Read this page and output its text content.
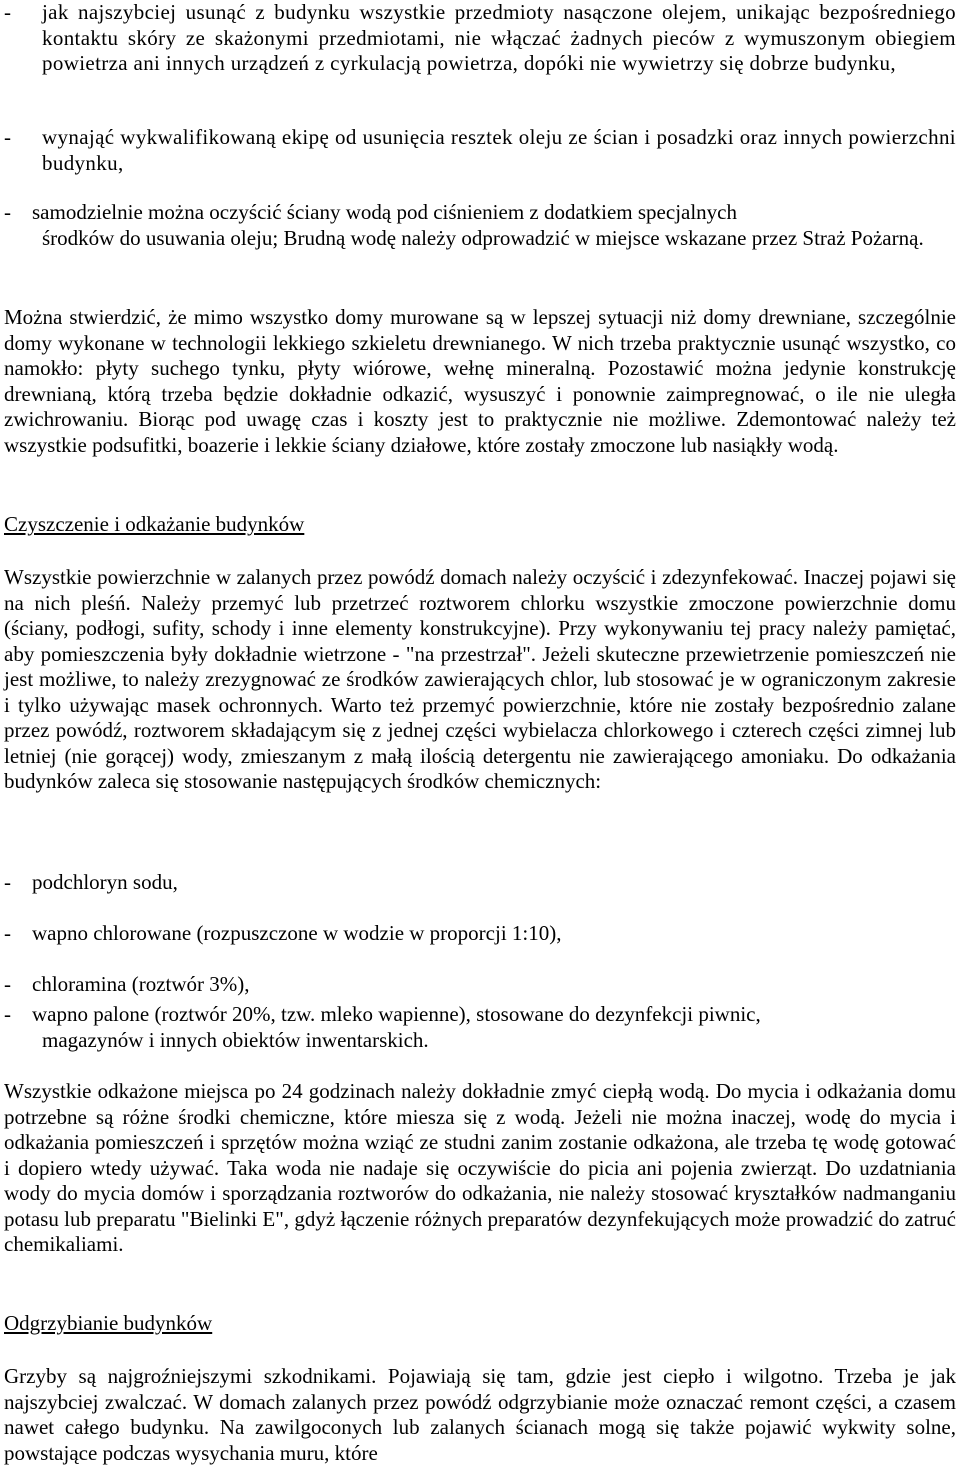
-	jak najszybciej usunąć z budynku wszystkie przedmioty nasączone olejem, unikając bezpośredniego kontaktu skóry ze skażonymi przedmiotami, nie włączać żadnych pieców z wymuszonym obiegiem powietrza ani innych urządzeń z cyrkulacją powietrza, dopóki nie wywietrzy się dobrze budynku,
-	wynająć wykwalifikowaną ekipę od usunięcia resztek oleju ze ścian i posadzki oraz innych powierzchni budynku,
-	samodzielnie można oczyścić ściany wodą pod ciśnieniem z dodatkiem specjalnych
środków do usuwania oleju; Brudną wodę należy odprowadzić w miejsce wskazane przez Straż Pożarną.
Można stwierdzić, że mimo wszystko domy murowane są w lepszej sytuacji niż domy drewniane, szczególnie domy wykonane w technologii lekkiego szkieletu drewnianego. W nich trzeba praktycznie usunąć wszystko, co namokło: płyty suchego tynku, płyty wiórowe, wełnę mineralną. Pozostawić można jedynie konstrukcję drewnianą, którą trzeba będzie dokładnie odkazić, wysuszyć i ponownie zaimpregnować, o ile nie uległa zwichrowaniu. Biorąc pod uwagę czas i koszty jest to praktycznie nie możliwe. Zdemontować należy też wszystkie podsufitki, boazerie i lekkie ściany działowe, które zostały zmoczone lub nasiąkły wodą.
Czyszczenie i odkażanie budynków
Wszystkie powierzchnie w zalanych przez powódź domach należy oczyścić i zdezynfekować. Inaczej pojawi się na nich pleśń. Należy przemyć lub przetrzeć roztworem chlorku wszystkie zmoczone powierzchnie domu (ściany, podłogi, sufity, schody i inne elementy konstrukcyjne). Przy wykonywaniu tej pracy należy pamiętać, aby pomieszczenia były dokładnie wietrzone - "na przestrzał". Jeżeli skuteczne przewietrzenie pomieszczeń nie jest możliwe, to należy zrezygnować ze środków zawierających chlor, lub stosować je w ograniczonym zakresie i tylko używając masek ochronnych. Warto też przemyć powierzchnie, które nie zostały bezpośrednio zalane przez powódź, roztworem składającym się z jednej części wybielacza chlorkowego i czterech części zimnej lub letniej (nie gorącej) wody, zmieszanym z małą ilością detergentu nie zawierającego amoniaku. Do odkażania budynków zaleca się stosowanie następujących środków chemicznych:
-	podchloryn sodu,
-	wapno chlorowane (rozpuszczone w wodzie w proporcji 1:10),
-	chloramina (roztwór 3%),
-	wapno palone (roztwór 20%, tzw. mleko wapienne), stosowane do dezynfekcji piwnic,
magazynów i innych obiektów inwentarskich.
Wszystkie odkażone miejsca po 24 godzinach należy dokładnie zmyć ciepłą wodą. Do mycia i odkażania domu potrzebne są różne środki chemiczne, które miesza się z wodą. Jeżeli nie można inaczej, wodę do mycia i odkażania pomieszczeń i sprzętów można wziąć ze studni zanim zostanie odkażona, ale trzeba tę wodę gotować i dopiero wtedy używać. Taka woda nie nadaje się oczywiście do picia ani pojenia zwierząt. Do uzdatniania wody do mycia domów i sporządzania roztworów do odkażania, nie należy stosować kryształków nadmanganiu potasu lub preparatu "Bielinki E", gdyż łączenie różnych preparatów dezynfekujących może prowadzić do zatruć chemikaliami.
Odgrzybianie budynków
Grzyby są najgroźniejszymi szkodnikami. Pojawiają się tam, gdzie jest ciepło i wilgotno. Trzeba je jak najszybciej zwalczać. W domach zalanych przez powódź odgrzybianie może oznaczać remont części, a czasem nawet całego budynku. Na zawilgoconych lub zalanych ścianach mogą się także pojawić wykwity solne, powstające podczas wysychania muru, które
